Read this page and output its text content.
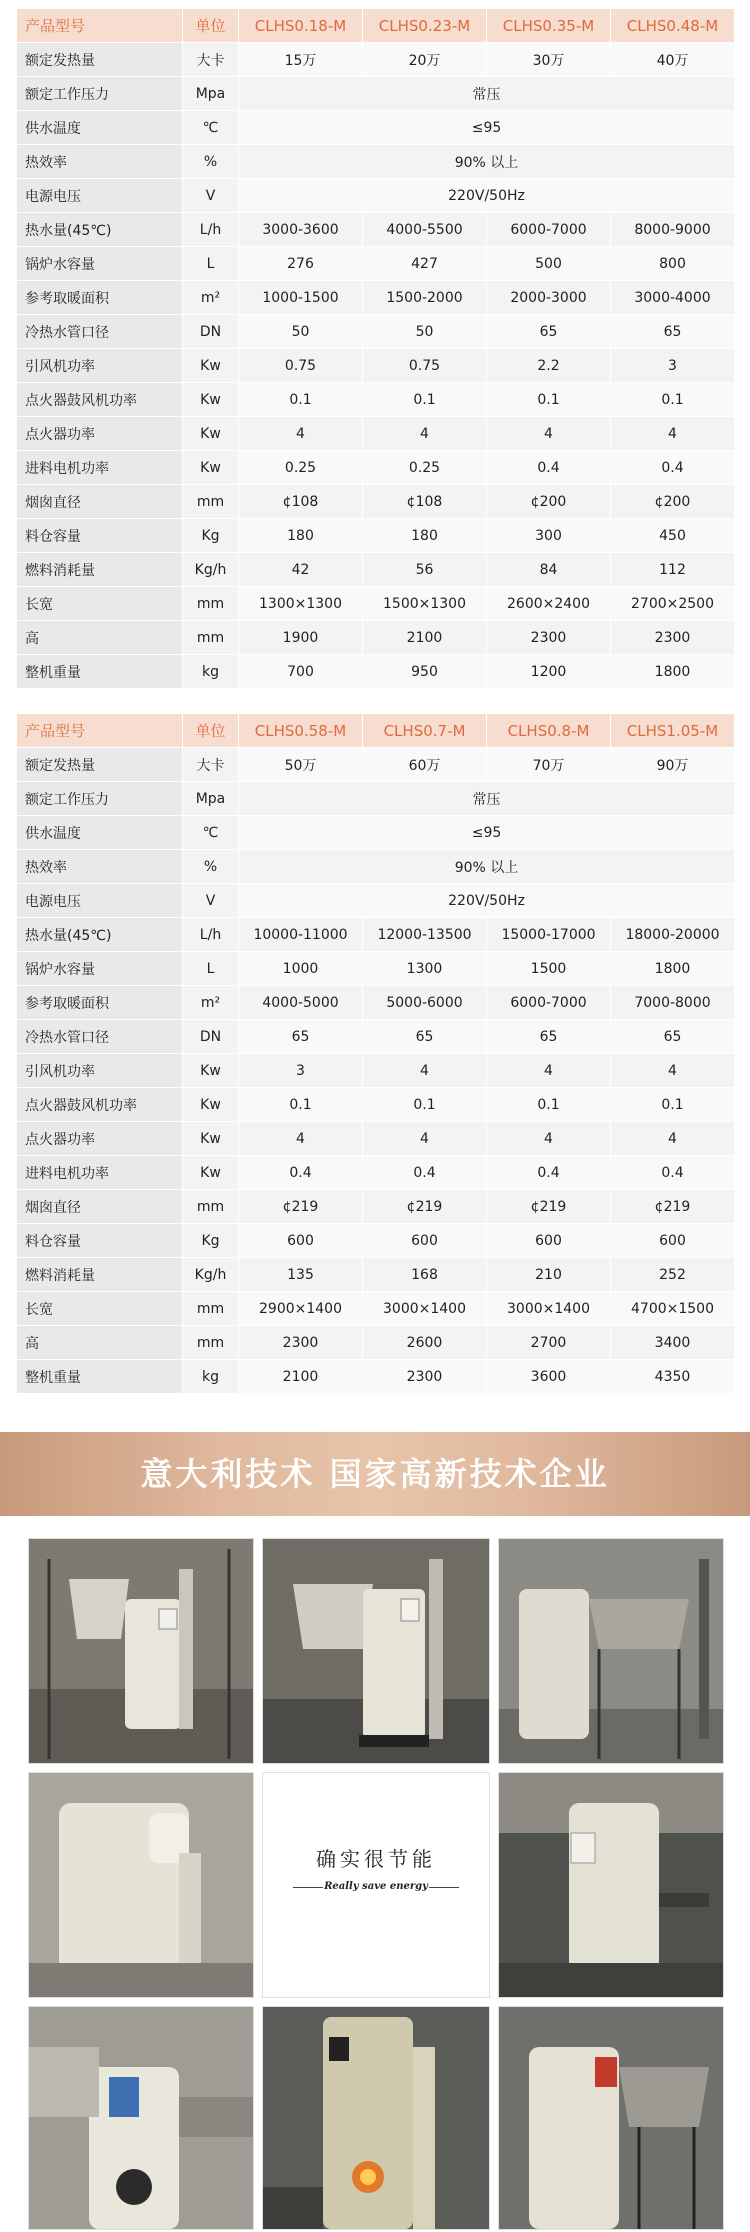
产品型号	单位	CLHS0.18-M	CLHS0.23-M	CLHS0.35-M	CLHS0.48-M
额定发热量	大卡	15万	20万	30万	40万
额定工作压力	Mpa	常压			
供水温度	℃	≤95			
热效率	%	90% 以上			
电源电压	V	220V/50Hz			
热水量(45℃)	L/h	3000-3600	4000-5500	6000-7000	8000-9000
锅炉水容量	L	276	427	500	800
参考取暖面积	m²	1000-1500	1500-2000	2000-3000	3000-4000
冷热水管口径	DN	50	50	65	65
引风机功率	Kw	0.75	0.75	2.2	3
点火器鼓风机功率	Kw	0.1	0.1	0.1	0.1
点火器功率	Kw	4	4	4	4
进料电机功率	Kw	0.25	0.25	0.4	0.4
烟囱直径	mm	¢108	¢108	¢200	¢200
料仓容量	Kg	180	180	300	450
燃料消耗量	Kg/h	42	56	84	112
长宽	mm	1300×1300	1500×1300	2600×2400	2700×2500
高	mm	1900	2100	2300	2300
整机重量	kg	700	950	1200	1800
产品型号	单位	CLHS0.58-M	CLHS0.7-M	CLHS0.8-M	CLHS1.05-M
额定发热量	大卡	50万	60万	70万	90万
额定工作压力	Mpa	常压			
供水温度	℃	≤95			
热效率	%	90% 以上			
电源电压	V	220V/50Hz			
热水量(45℃)	L/h	10000-11000	12000-13500	15000-17000	18000-20000
锅炉水容量	L	1000	1300	1500	1800
参考取暖面积	m²	4000-5000	5000-6000	6000-7000	7000-8000
冷热水管口径	DN	65	65	65	65
引风机功率	Kw	3	4	4	4
点火器鼓风机功率	Kw	0.1	0.1	0.1	0.1
点火器功率	Kw	4	4	4	4
进料电机功率	Kw	0.4	0.4	0.4	0.4
烟囱直径	mm	¢219	¢219	¢219	¢219
料仓容量	Kg	600	600	600	600
燃料消耗量	Kg/h	135	168	210	252
长宽	mm	2900×1400	3000×1400	3000×1400	4700×1500
高	mm	2300	2600	2700	3400
整机重量	kg	2100	2300	3600	4350
意大利技术 国家高新技术企业
确实很节能
Really save energy
